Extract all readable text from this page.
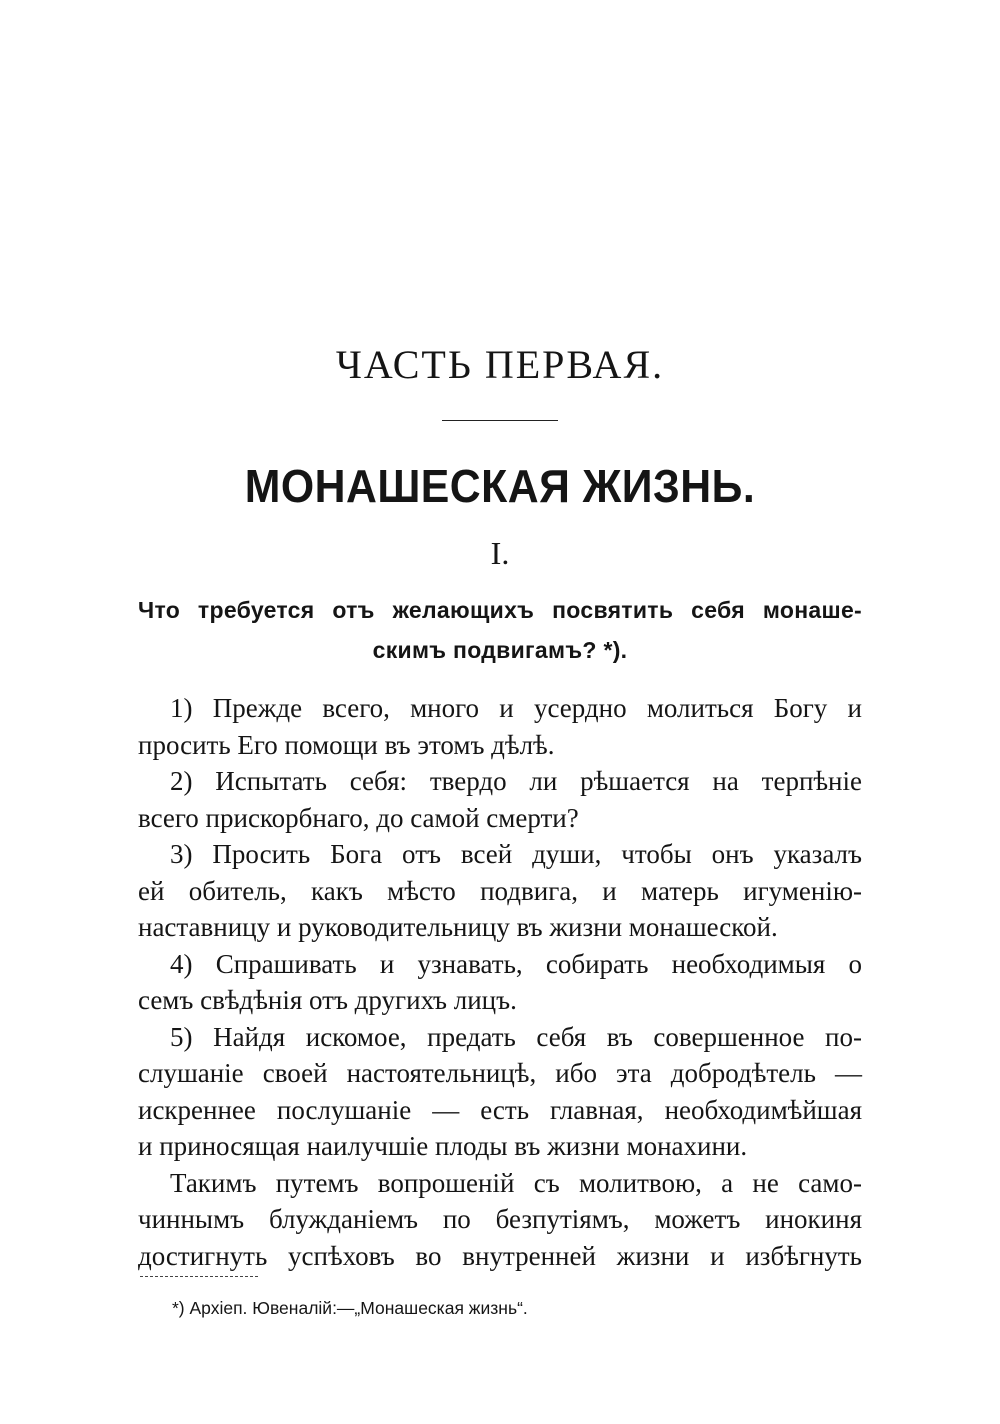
ЧАСТЬ ПЕРВАЯ.
МОНАШЕСКАЯ ЖИЗНЬ.
I.
Что требуется отъ желающихъ посвятить себя монаше-
скимъ подвигамъ? *).
1) Прежде всего, много и усердно молиться Богу и
просить Его помощи въ этомъ дѣлѣ.
2) Испытать себя: твердо ли рѣшается на терпѣніе
всего прискорбнаго, до самой смерти?
3) Просить Бога отъ всей души, чтобы онъ указалъ
ей обитель, какъ мѣсто подвига, и матерь игуменію-
наставницу и руководительницу въ жизни монашеской.
4) Спрашивать и узнавать, собирать необходимыя о
семъ свѣдѣнія отъ другихъ лицъ.
5) Найдя искомое, предать себя въ совершенное по-
слушаніе своей настоятельницѣ, ибо эта добродѣтель —
искреннее послушаніе — есть главная, необходимѣйшая
и приносящая наилучшіе плоды въ жизни монахини.
Такимъ путемъ вопрошеній съ молитвою, а не само-
чиннымъ блужданіемъ по безпутіямъ, можетъ инокиня
достигнуть успѣховъ во внутренней жизни и избѣгнуть

*) Архіеп. Ювеналій:—„Монашеская жизнь“.
